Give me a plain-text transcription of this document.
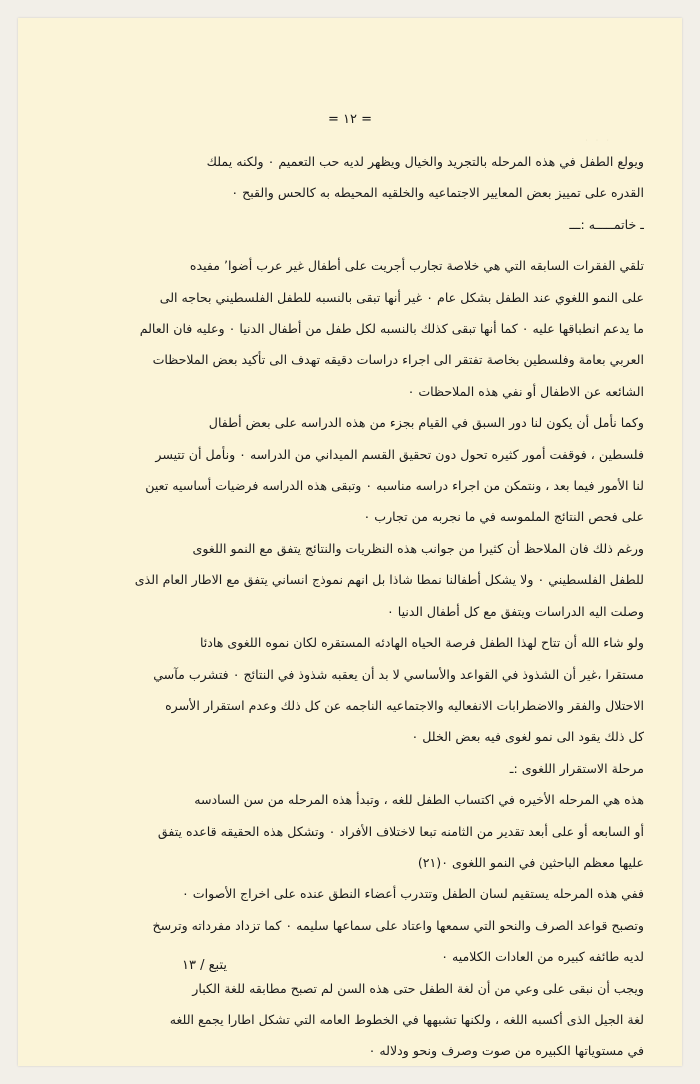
˙ ˙ ˙
= ١٢ =
ويولع الطفل في هذه المرحله بالتجريد والخيال ويظهر لديه حب التعميم ٠ ولكنه يملك
القدره على تمييز بعض المعايير الاجتماعيه والخلقيه المحيطه به كالحس والقبح ٠
ـ خاتمـــــه :ـــ
تلقي الفقرات السابقه التي هي خلاصة تجارب أجريت على أطفال غير عرب أضوا٬ مفيده
على النمو اللغوي عند الطفل بشكل عام ٠ غير أنها تبقى بالنسبه للطفل الفلسطيني بحاجه الى
ما يدعم انطباقها عليه ٠ كما أنها تبقى كذلك بالنسبه لكل طفل من أطفال الدنيا ٠ وعليه فان العالم
العربي بعامة وفلسطين بخاصة تفتقر الى اجراء دراسات دقيقه تهدف الى تأكيد بعض الملاحظات
الشائعه عن الاطفال أو نفي هذه الملاحظات ٠
وكما نأمل أن يكون لنا دور السبق في القيام بجزء من هذه الدراسه على بعض أطفال
فلسطين ، فوقفت أمور كثيره تحول دون تحقيق القسم الميداني من الدراسه ٠ ونأمل أن تتيسر
لنا الأمور فيما بعد ، ونتمكن من اجراء دراسه مناسبه ٠ وتبقى هذه الدراسه فرضيات أساسيه تعين
على فحص النتائج الملموسه في ما نجربه من تجارب ٠
ورغم ذلك فان الملاحظ أن كثيرا من جوانب هذه النظريات والنتائج يتفق مع النمو اللغوى
للطفل الفلسطيني ٠ ولا يشكل أطفالنا نمطا شاذا بل انهم نموذج انساني يتفق مع الاطار العام الذى
وصلت اليه الدراسات ويتفق مع كل أطفال الدنيا ٠
ولو شاء الله أن تتاح لهذا الطفل فرصة الحياه الهادئه المستقره لكان نموه اللغوى هادئا
مستقرا ،غير أن الشذوذ في القواعد والأساسي لا بد أن يعقبه شذوذ في النتائج ٠ فتشرب مآسي
الاحتلال والفقر والاضطرابات الانفعاليه والاجتماعيه الناجمه عن كل ذلك وعدم استقرار الأسره
كل ذلك يقود الى نمو لغوى فيه بعض الخلل ٠
مرحلة الاستقرار اللغوى :ـ
هذه هي المرحله الأخيره في اكتساب الطفل للغه ، وتبدأ هذه المرحله من سن السادسه
أو السابعه أو على أبعد تقدير من الثامنه تبعا لاختلاف الأفراد ٠ وتشكل هذه الحقيقه قاعده يتفق
عليها معظم الباحثين في النمو اللغوى ٠(٢١)
ففي هذه المرحله يستقيم لسان الطفل وتتدرب أعضاء النطق عنده على اخراج الأصوات ٠
وتصبح قواعد الصرف والنحو التي سمعها واعتاد على سماعها سليمه ٠ كما تزداد مفرداته وترسخ
لديه طائفه كبيره من العادات الكلاميه ٠
ويجب أن نبقى على وعي من أن لغة الطفل حتى هذه السن لم تصبح مطابقه للغة الكبار
لغة الجيل الذى أكسبه اللغه ، ولكنها تشبهها في الخطوط العامه التي تشكل اطارا يجمع اللغه
في مستوياتها الكبيره من صوت وصرف ونحو ودلاله ٠
يتبع / ١٣
